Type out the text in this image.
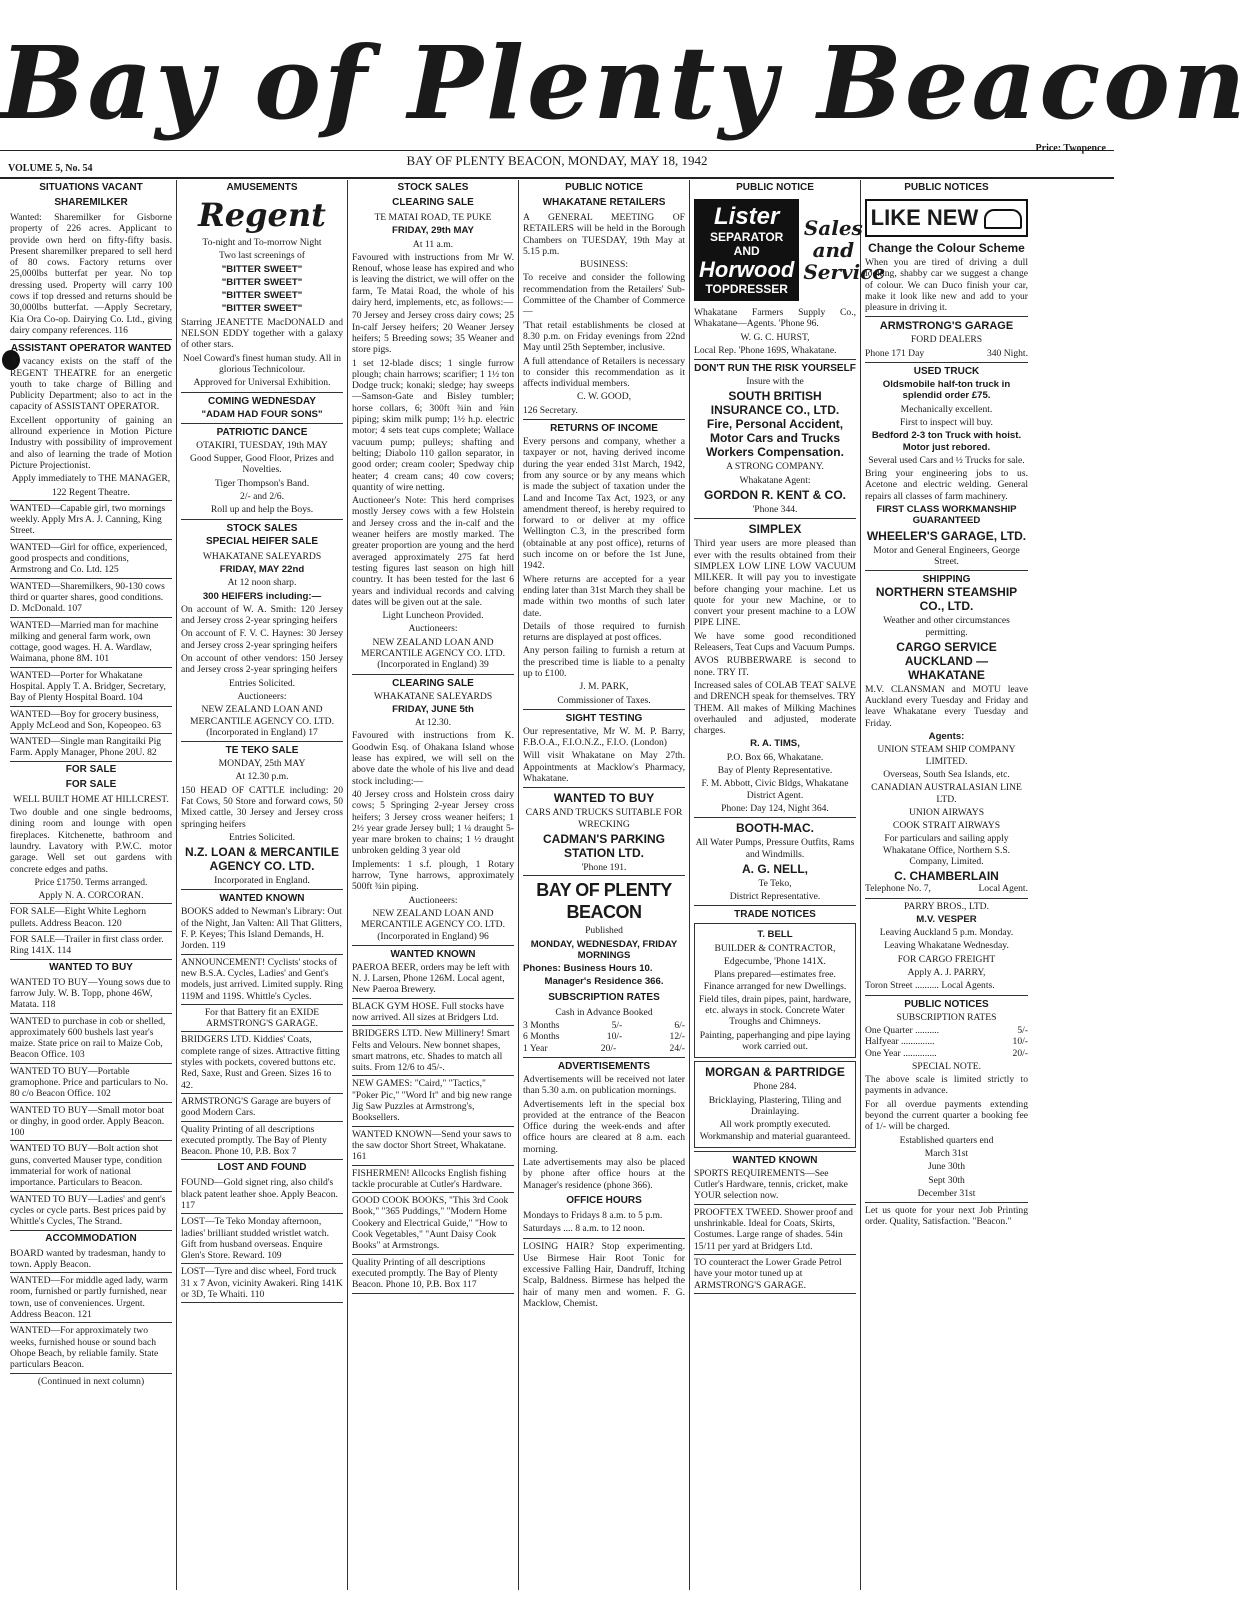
Bay of Plenty Beacon
VOLUME 5, No. 54
BAY OF PLENTY BEACON, MONDAY, MAY 18, 1942
Price: Twopence
SITUATIONS VACANT
SHAREMILKER

Wanted: Sharemilker for Gisborne property of 226 acres. Applicant to provide own herd on fifty-fifty basis. Present sharemilker prepared to sell herd of 80 cows. Factory returns over 25,000lbs butterfat per year. No top dressing used. Property will carry 100 cows if top dressed and returns should be 30,000lbs butterfat. —Apply Secretary, Kia Ora Co-op. Dairying Co. Ltd., giving dairy company references. 116

ASSISTANT OPERATOR WANTED

A vacancy exists on the staff of the REGENT THEATRE for an energetic youth to take charge of Billing and Publicity Department; also to act in the capacity of ASSISTANT OPERATOR.

Excellent opportunity of gaining an allround experience in Motion Picture Industry with possibility of improvement and also of learning the trade of Motion Picture Projectionist.

Apply immediately to THE MANAGER,

122 Regent Theatre.

WANTED—Capable girl, two mornings weekly. Apply Mrs A. J. Canning, King Street.
WANTED—Girl for office, experienced, good prospects and conditions, Armstrong and Co. Ltd. 125
WANTED—Sharemilkers, 90-130 cows third or quarter shares, good conditions. D. McDonald. 107
WANTED—Married man for machine milking and general farm work, own cottage, good wages. H. A. Wardlaw, Waimana, phone 8M. 101
WANTED—Porter for Whakatane Hospital. Apply T. A. Bridger, Secretary, Bay of Plenty Hospital Board. 104
WANTED—Boy for grocery business, Apply McLeod and Son, Kopeopeo. 63
WANTED—Single man Rangitaiki Pig Farm. Apply Manager, Phone 20U. 82
FOR SALE
FOR SALE

WELL BUILT HOME AT HILLCREST.

Two double and one single bedrooms, dining room and lounge with open fireplaces. Kitchenette, bathroom and laundry. Lavatory with P.W.C. motor garage. Well set out gardens with concrete edges and paths.

Price £1750. Terms arranged.

Apply N. A. CORCORAN.

FOR SALE—Eight White Leghorn pullets. Address Beacon. 120
FOR SALE—Trailer in first class order. Ring 141X. 114
WANTED TO BUY
WANTED TO BUY—Young sows due to farrow July. W. B. Topp, phone 46W, Matata. 118
WANTED to purchase in cob or shelled, approximately 600 bushels last year's maize. State price on rail to Maize Cob, Beacon Office. 103
WANTED TO BUY—Portable gramophone. Price and particulars to No. 80 c/o Beacon Office. 102
WANTED TO BUY—Small motor boat or dinghy, in good order. Apply Beacon. 100
WANTED TO BUY—Bolt action shot guns, converted Mauser type, condition immaterial for work of national importance. Particulars to Beacon.
WANTED TO BUY—Ladies' and gent's cycles or cycle parts. Best prices paid by Whittle's Cycles, The Strand.
ACCOMMODATION
BOARD wanted by tradesman, handy to town. Apply Beacon.
WANTED—For middle aged lady, warm room, furnished or partly furnished, near town, use of conveniences. Urgent. Address Beacon. 121
WANTED—For approximately two weeks, furnished house or sound bach Ohope Beach, by reliable family. State particulars Beacon.

(Continued in next column)

AMUSEMENTS
Regent

To-night and To-morrow Night

Two last screenings of

"BITTER SWEET"

"BITTER SWEET"

"BITTER SWEET"

"BITTER SWEET"

Starring JEANETTE MacDONALD and NELSON EDDY together with a galaxy of other stars.

Noel Coward's finest human study. All in glorious Technicolour.

Approved for Universal Exhibition.

COMING WEDNESDAY

"ADAM HAD FOUR SONS"

PATRIOTIC DANCE

OTAKIRI, TUESDAY, 19th MAY

Good Supper, Good Floor, Prizes and Novelties.

Tiger Thompson's Band.

2/- and 2/6.

Roll up and help the Boys.

STOCK SALES
SPECIAL HEIFER SALE

WHAKATANE SALEYARDS

FRIDAY, MAY 22nd

At 12 noon sharp.

300 HEIFERS including:—

On account of W. A. Smith: 120 Jersey and Jersey cross 2-year springing heifers

On account of F. V. C. Haynes: 30 Jersey and Jersey cross 2-year springing heifers

On account of other vendors: 150 Jersey and Jersey cross 2-year springing heifers

Entries Solicited.

Auctioneers:

NEW ZEALAND LOAN AND MERCANTILE AGENCY CO. LTD. (Incorporated in England) 17

TE TEKO SALE

MONDAY, 25th MAY

At 12.30 p.m.

150 HEAD OF CATTLE including: 20 Fat Cows, 50 Store and forward cows, 50 Mixed cattle, 30 Jersey and Jersey cross springing heifers

Entries Solicited.

N.Z. LOAN & MERCANTILE AGENCY CO. LTD.

Incorporated in England.

WANTED KNOWN
BOOKS added to Newman's Library: Out of the Night, Jan Valten: All That Glitters, F. P. Keyes; This Island Demands, H. Jorden. 119
ANNOUNCEMENT! Cyclists' stocks of new B.S.A. Cycles, Ladies' and Gent's models, just arrived. Limited supply. Ring 119M and 119S. Whittle's Cycles.
For that Battery fit an EXIDE ARMSTRONG'S GARAGE.
BRIDGERS LTD. Kiddies' Coats, complete range of sizes. Attractive fitting styles with pockets, covered buttons etc. Red, Saxe, Rust and Green. Sizes 16 to 42.
ARMSTRONG'S Garage are buyers of good Modern Cars.
Quality Printing of all descriptions executed promptly. The Bay of Plenty Beacon. Phone 10, P.B. Box 7
LOST AND FOUND
FOUND—Gold signet ring, also child's black patent leather shoe. Apply Beacon. 117
LOST—Te Teko Monday afternoon, ladies' brilliant studded wristlet watch. Gift from husband overseas. Enquire Glen's Store. Reward. 109
LOST—Tyre and disc wheel, Ford truck 31 x 7 Avon, vicinity Awakeri. Ring 141K or 3D, Te Whaiti. 110
STOCK SALES
CLEARING SALE

TE MATAI ROAD, TE PUKE

FRIDAY, 29th MAY

At 11 a.m.

Favoured with instructions from Mr W. Renouf, whose lease has expired and who is leaving the district, we will offer on the farm, Te Matai Road, the whole of his dairy herd, implements, etc, as follows:—

70 Jersey and Jersey cross dairy cows; 25 In-calf Jersey heifers; 20 Weaner Jersey heifers; 5 Breeding sows; 35 Weaner and store pigs.

1 set 12-blade discs; 1 single furrow plough; chain harrows; scarifier; 1 1½ ton Dodge truck; konaki; sledge; hay sweeps—Samson-Gate and Bisley tumbler; horse collars, 6; 300ft ¾in and ⅝in piping; skim milk pump; 1½ h.p. electric motor; 4 sets teat cups complete; Wallace vacuum pump; pulleys; shafting and belting; Diabolo 110 gallon separator, in good order; cream cooler; Spedway chip heater; 4 cream cans; 40 cow covers; quantity of wire netting.

Auctioneer's Note: This herd comprises mostly Jersey cows with a few Holstein and Jersey cross and the in-calf and the weaner heifers are mostly marked. The greater proportion are young and the herd averaged approximately 275 fat herd testing figures last season on high hill country. It has been tested for the last 6 years and individual records and calving dates will be given out at the sale.

Light Luncheon Provided.

Auctioneers:

NEW ZEALAND LOAN AND MERCANTILE AGENCY CO. LTD. (Incorporated in England) 39

CLEARING SALE

WHAKATANE SALEYARDS

FRIDAY, JUNE 5th

At 12.30.

Favoured with instructions from K. Goodwin Esq. of Ohakana Island whose lease has expired, we will sell on the above date the whole of his live and dead stock including:—

40 Jersey cross and Holstein cross dairy cows; 5 Springing 2-year Jersey cross heifers; 3 Jersey cross weaner heifers; 1 2½ year grade Jersey bull; 1 ¼ draught 5-year mare broken to chains; 1 ½ draught unbroken gelding 3 year old

Implements: 1 s.f. plough, 1 Rotary harrow, Tyne harrows, approximately 500ft ¾in piping.

Auctioneers:

NEW ZEALAND LOAN AND MERCANTILE AGENCY CO. LTD. (Incorporated in England) 96

WANTED KNOWN
PAEROA BEER, orders may be left with N. J. Larsen, Phone 126M. Local agent, New Paeroa Brewery.
BLACK GYM HOSE. Full stocks have now arrived. All sizes at Bridgers Ltd.
BRIDGERS LTD. New Millinery! Smart Felts and Velours. New bonnet shapes, smart matrons, etc. Shades to match all suits. From 12/6 to 45/-.
NEW GAMES: "Caird," "Tactics," "Poker Pic," "Word It" and big new range Jig Saw Puzzles at Armstrong's, Booksellers.
WANTED KNOWN—Send your saws to the saw doctor Short Street, Whakatane. 161
FISHERMEN! Allcocks English fishing tackle procurable at Cutler's Hardware.
GOOD COOK BOOKS, "This 3rd Cook Book," "365 Puddings," "Modern Home Cookery and Electrical Guide," "How to Cook Vegetables," "Aunt Daisy Cook Books" at Armstrongs.
Quality Printing of all descriptions executed promptly. The Bay of Plenty Beacon. Phone 10, P.B. Box 117
PUBLIC NOTICE
WHAKATANE RETAILERS

A GENERAL MEETING OF RETAILERS will be held in the Borough Chambers on TUESDAY, 19th May at 5.15 p.m.

BUSINESS:

To receive and consider the following recommendation from the Retailers' Sub-Committee of the Chamber of Commerce—

'That retail establishments be closed at 8.30 p.m. on Friday evenings from 22nd May until 25th September, inclusive.

A full attendance of Retailers is necessary to consider this recommendation as it affects individual members.

C. W. GOOD,

126 Secretary.

RETURNS OF INCOME

Every persons and company, whether a taxpayer or not, having derived income during the year ended 31st March, 1942, from any source or by any means which is made the subject of taxation under the Land and Income Tax Act, 1923, or any amendment thereof, is hereby required to forward to or deliver at my office Wellington C.3, in the prescribed form (obtainable at any post office), returns of such income on or before the 1st June, 1942.

Where returns are accepted for a year ending later than 31st March they shall be made within two months of such later date.

Details of those required to furnish returns are displayed at post offices.

Any person failing to furnish a return at the prescribed time is liable to a penalty up to £100.

J. M. PARK,

Commissioner of Taxes.

SIGHT TESTING

Our representative, Mr W. M. P. Barry, F.B.O.A., F.I.O.N.Z., F.I.O. (London)

Will visit Whakatane on May 27th. Appointments at Macklow's Pharmacy, Whakatane.

WANTED TO BUY

CARS AND TRUCKS SUITABLE FOR WRECKING

CADMAN'S PARKING STATION LTD.

'Phone 191.

BAY OF PLENTY BEACON

Published

MONDAY, WEDNESDAY, FRIDAY MORNINGS

Phones: Business Hours 10.

Manager's Residence 366.

SUBSCRIPTION RATES

Cash in Advance Booked

3 Months	5/-	6/-
6 Months	10/-	12/-
1 Year	20/-	24/-
ADVERTISEMENTS

Advertisements will be received not later than 5.30 a.m. on publication mornings.

Advertisements left in the special box provided at the entrance of the Beacon Office during the week-ends and after office hours are cleared at 8 a.m. each morning.

Late advertisements may also be placed by phone after office hours at the Manager's residence (phone 366).

OFFICE HOURS

Mondays to Fridays 8 a.m. to 5 p.m.

Saturdays .... 8 a.m. to 12 noon.

LOSING HAIR? Stop experimenting. Use Birmese Hair Root Tonic for excessive Falling Hair, Dandruff, Itching Scalp, Baldness. Birmese has helped the hair of many men and women. F. G. Macklow, Chemist.

PUBLIC NOTICE
Lister
SEPARATOR AND
Horwood
TOPDRESSER
Sales and Service

Whakatane Farmers Supply Co., Whakatane—Agents. 'Phone 96.

W. G. C. HURST,

Local Rep. 'Phone 169S, Whakatane.

DON'T RUN THE RISK YOURSELF

Insure with the

SOUTH BRITISH INSURANCE CO., LTD.
Fire, Personal Accident, Motor Cars and Trucks Workers Compensation.

A STRONG COMPANY.

Whakatane Agent:

GORDON R. KENT & CO.

'Phone 344.

SIMPLEX

Third year users are more pleased than ever with the results obtained from their SIMPLEX LOW LINE LOW VACUUM MILKER. It will pay you to investigate before changing your machine. Let us quote for your new Machine, or to convert your present machine to a LOW PIPE LINE.

We have some good reconditioned Releasers, Teat Cups and Vacuum Pumps.

AVOS RUBBERWARE is second to none. TRY IT.

Increased sales of COLAB TEAT SALVE and DRENCH speak for themselves. TRY THEM. All makes of Milking Machines overhauled and adjusted, moderate charges.

R. A. TIMS,

P.O. Box 66, Whakatane.

Bay of Plenty Representative.

F. M. Abbott, Civic Bldgs, Whakatane District Agent.

Phone: Day 124, Night 364.

BOOTH-MAC.

All Water Pumps, Pressure Outfits, Rams and Windmills.

A. G. NELL,

Te Teko,

District Representative.

TRADE NOTICES

T. BELL

BUILDER & CONTRACTOR,

Edgecumbe, 'Phone 141X.

Plans prepared—estimates free. Finance arranged for new Dwellings.

Field tiles, drain pipes, paint, hardware, etc. always in stock. Concrete Water Troughs and Chimneys.

Painting, paperhanging and pipe laying work carried out.

MORGAN & PARTRIDGE

Phone 284.

Bricklaying, Plastering, Tiling and Drainlaying.

All work promptly executed. Workmanship and material guaranteed.

WANTED KNOWN
SPORTS REQUIREMENTS—See Cutler's Hardware, tennis, cricket, make YOUR selection now.
PROOFTEX TWEED. Shower proof and unshrinkable. Ideal for Coats, Skirts, Costumes. Large range of shades. 54in 15/11 per yard at Bridgers Ltd.
TO counteract the Lower Grade Petrol have your motor tuned up at ARMSTRONG'S GARAGE.
PUBLIC NOTICES
LIKE NEW
Change the Colour Scheme

When you are tired of driving a dull looking, shabby car we suggest a change of colour. We can Duco finish your car, make it look like new and add to your pleasure in driving it.

ARMSTRONG'S GARAGE

FORD DEALERS

Phone 171 Day	340 Night.
USED TRUCK

Oldsmobile half-ton truck in splendid order £75.

Mechanically excellent.

First to inspect will buy.

Bedford 2-3 ton Truck with hoist. Motor just rebored.

Several used Cars and ½ Trucks for sale.

Bring your engineering jobs to us. Acetone and electric welding. General repairs all classes of farm machinery.

FIRST CLASS WORKMANSHIP GUARANTEED

WHEELER'S GARAGE, LTD.

Motor and General Engineers, George Street.

SHIPPING
NORTHERN STEAMSHIP CO., LTD.

Weather and other circumstances permitting.

CARGO SERVICE
AUCKLAND — WHAKATANE

M.V. CLANSMAN and MOTU leave Auckland every Tuesday and Friday and leave Whakatane every Tuesday and Friday.

Agents:

UNION STEAM SHIP COMPANY LIMITED.

Overseas, South Sea Islands, etc.

CANADIAN AUSTRALASIAN LINE LTD.

UNION AIRWAYS

COOK STRAIT AIRWAYS

For particulars and sailing apply Whakatane Office, Northern S.S. Company, Limited.

C. CHAMBERLAIN
Telephone No. 7,	Local Agent.

PARRY BROS., LTD.

M.V. VESPER

Leaving Auckland 5 p.m. Monday.

Leaving Whakatane Wednesday.

FOR CARGO FREIGHT

Apply A. J. PARRY,

Toron Street .......... Local Agents.

PUBLIC NOTICES

SUBSCRIPTION RATES

One Quarter ..........	5/-
Halfyear ..............	10/-
One Year ..............	20/-

SPECIAL NOTE.

The above scale is limited strictly to payments in advance.

For all overdue payments extending beyond the current quarter a booking fee of 1/- will be charged.

Established quarters end

March 31st

June 30th

Sept 30th

December 31st

Let us quote for your next Job Printing order. Quality, Satisfaction. "Beacon."
